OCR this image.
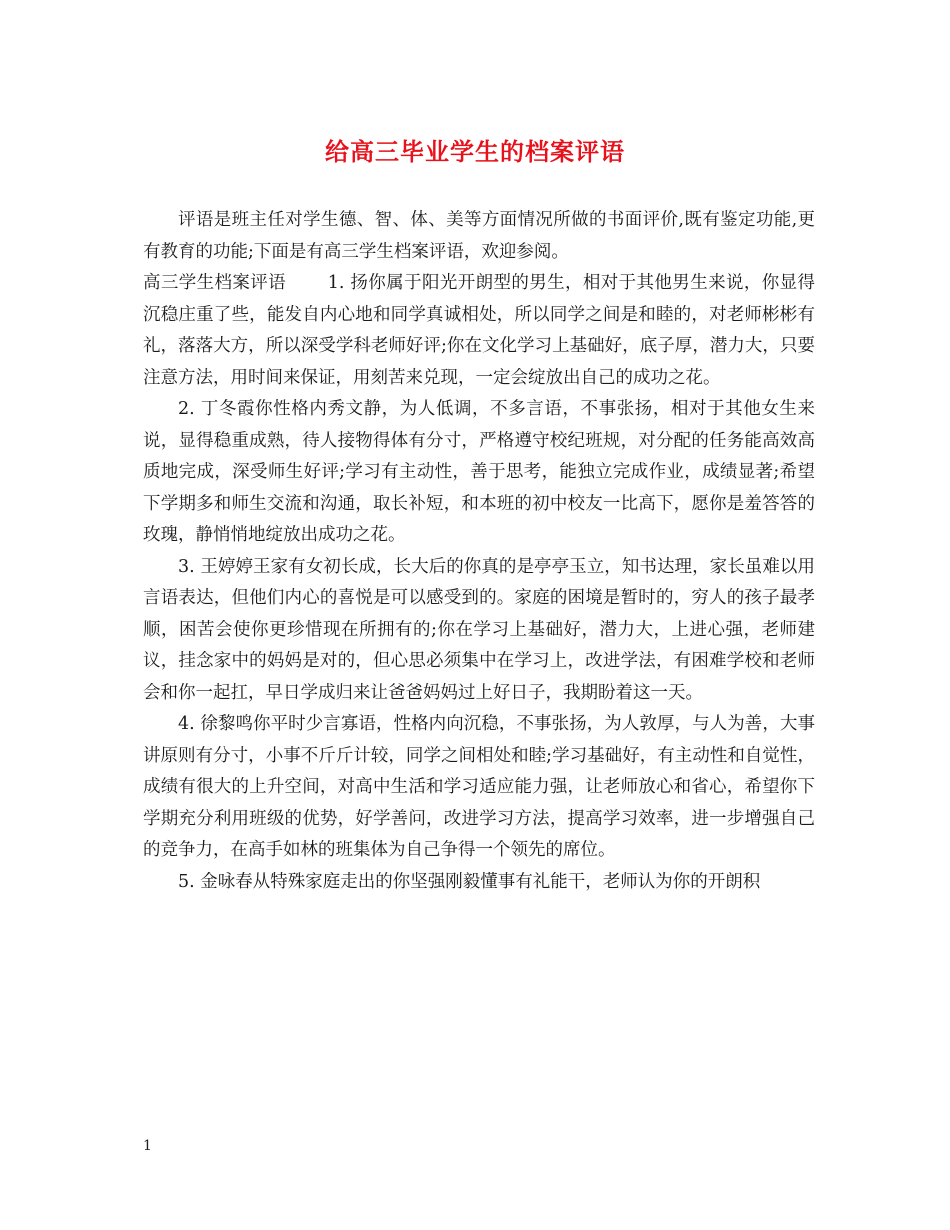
给高三毕业学生的档案评语

评语是班主任对学生德、智、体、美等方面情况所做的书面评价,既有鉴定功能,更有教育的功能;下面是有高三学生档案评语，欢迎参阅。

高三学生档案评语　　 1. 扬你属于阳光开朗型的男生，相对于其他男生来说，你显得沉稳庄重了些，能发自内心地和同学真诚相处，所以同学之间是和睦的，对老师彬彬有礼，落落大方，所以深受学科老师好评;你在文化学习上基础好，底子厚，潜力大，只要注意方法，用时间来保证，用刻苦来兑现，一定会绽放出自己的成功之花。

2. 丁冬霞你性格内秀文静，为人低调，不多言语，不事张扬，相对于其他女生来说，显得稳重成熟，待人接物得体有分寸，严格遵守校纪班规，对分配的任务能高效高质地完成，深受师生好评;学习有主动性，善于思考，能独立完成作业，成绩显著;希望下学期多和师生交流和沟通，取长补短，和本班的初中校友一比高下，愿你是羞答答的玫瑰，静悄悄地绽放出成功之花。

3. 王婷婷王家有女初长成，长大后的你真的是亭亭玉立，知书达理，家长虽难以用言语表达，但他们内心的喜悦是可以感受到的。家庭的困境是暂时的，穷人的孩子最孝顺，困苦会使你更珍惜现在所拥有的;你在学习上基础好，潜力大，上进心强，老师建议，挂念家中的妈妈是对的，但心思必须集中在学习上，改进学法，有困难学校和老师会和你一起扛，早日学成归来让爸爸妈妈过上好日子，我期盼着这一天。

4. 徐黎鸣你平时少言寡语，性格内向沉稳，不事张扬，为人敦厚，与人为善，大事讲原则有分寸，小事不斤斤计较，同学之间相处和睦;学习基础好，有主动性和自觉性，成绩有很大的上升空间，对高中生活和学习适应能力强，让老师放心和省心，希望你下学期充分利用班级的优势，好学善问，改进学习方法，提高学习效率，进一步增强自己的竞争力，在高手如林的班集体为自己争得一个领先的席位。

5. 金咏春从特殊家庭走出的你坚强刚毅懂事有礼能干，老师认为你的开朗积

1
